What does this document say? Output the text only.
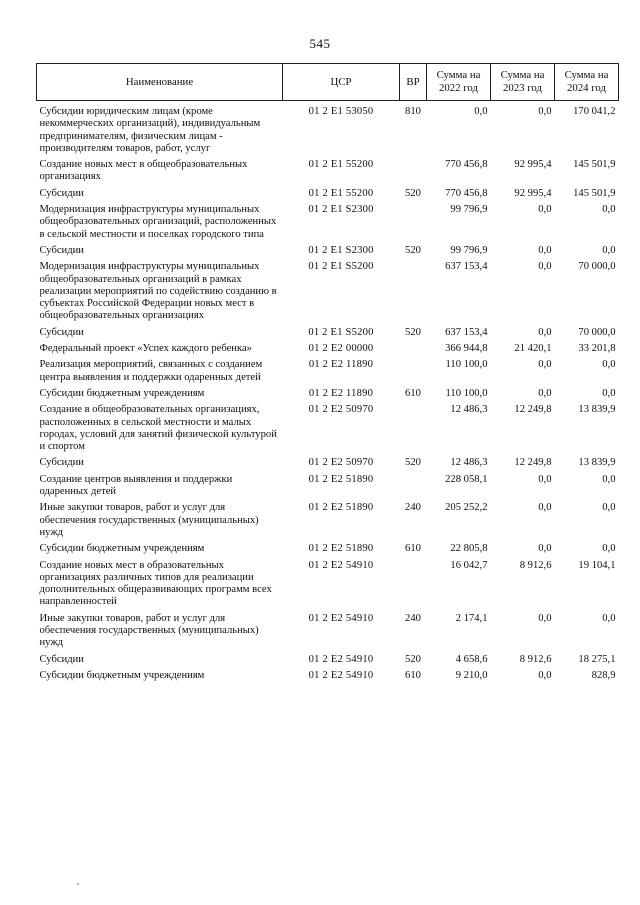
545
Наименование	ЦСР	ВР	Сумма на 2022 год	Сумма на 2023 год	Сумма на 2024 год
Субсидии юридическим лицам (кроме некоммерческих организаций), индивидуальным предпринимателям, физическим лицам - производителям товаров, работ, услуг	01 2 Е1 53050	810	0,0	0,0	170 041,2
Создание новых мест в общеобразовательных организациях	01 2 Е1 55200		770 456,8	92 995,4	145 501,9
Субсидии	01 2 Е1 55200	520	770 456,8	92 995,4	145 501,9
Модернизация инфраструктуры муниципальных общеобразовательных организаций, расположенных в сельской местности и поселках городского типа	01 2 Е1 S2300		99 796,9	0,0	0,0
Субсидии	01 2 Е1 S2300	520	99 796,9	0,0	0,0
Модернизация инфраструктуры муниципальных общеобразовательных организаций в рамках реализации мероприятий по содействию созданию в субъектах Российской Федерации новых мест в общеобразовательных организациях	01 2 Е1 S5200		637 153,4	0,0	70 000,0
Субсидии	01 2 Е1 S5200	520	637 153,4	0,0	70 000,0
Федеральный проект «Успех каждого ребенка»	01 2 Е2 00000		366 944,8	21 420,1	33 201,8
Реализация мероприятий, связанных с созданием центра выявления и поддержки одаренных детей	01 2 Е2 11890		110 100,0	0,0	0,0
Субсидии бюджетным учреждениям	01 2 Е2 11890	610	110 100,0	0,0	0,0
Создание в общеобразовательных организациях, расположенных в сельской местности и малых городах, условий для занятий физической культурой и спортом	01 2 Е2 50970		12 486,3	12 249,8	13 839,9
Субсидии	01 2 Е2 50970	520	12 486,3	12 249,8	13 839,9
Создание центров выявления и поддержки одаренных детей	01 2 Е2 51890		228 058,1	0,0	0,0
Иные закупки товаров, работ и услуг для обеспечения государственных (муниципальных) нужд	01 2 Е2 51890	240	205 252,2	0,0	0,0
Субсидии бюджетным учреждениям	01 2 Е2 51890	610	22 805,8	0,0	0,0
Создание новых мест в образовательных организациях различных типов для реализации дополнительных общеразвивающих программ всех направленностей	01 2 Е2 54910		16 042,7	8 912,6	19 104,1
Иные закупки товаров, работ и услуг для обеспечения государственных (муниципальных) нужд	01 2 Е2 54910	240	2 174,1	0,0	0,0
Субсидии	01 2 Е2 54910	520	4 658,6	8 912,6	18 275,1
Субсидии бюджетным учреждениям	01 2 Е2 54910	610	9 210,0	0,0	828,9
